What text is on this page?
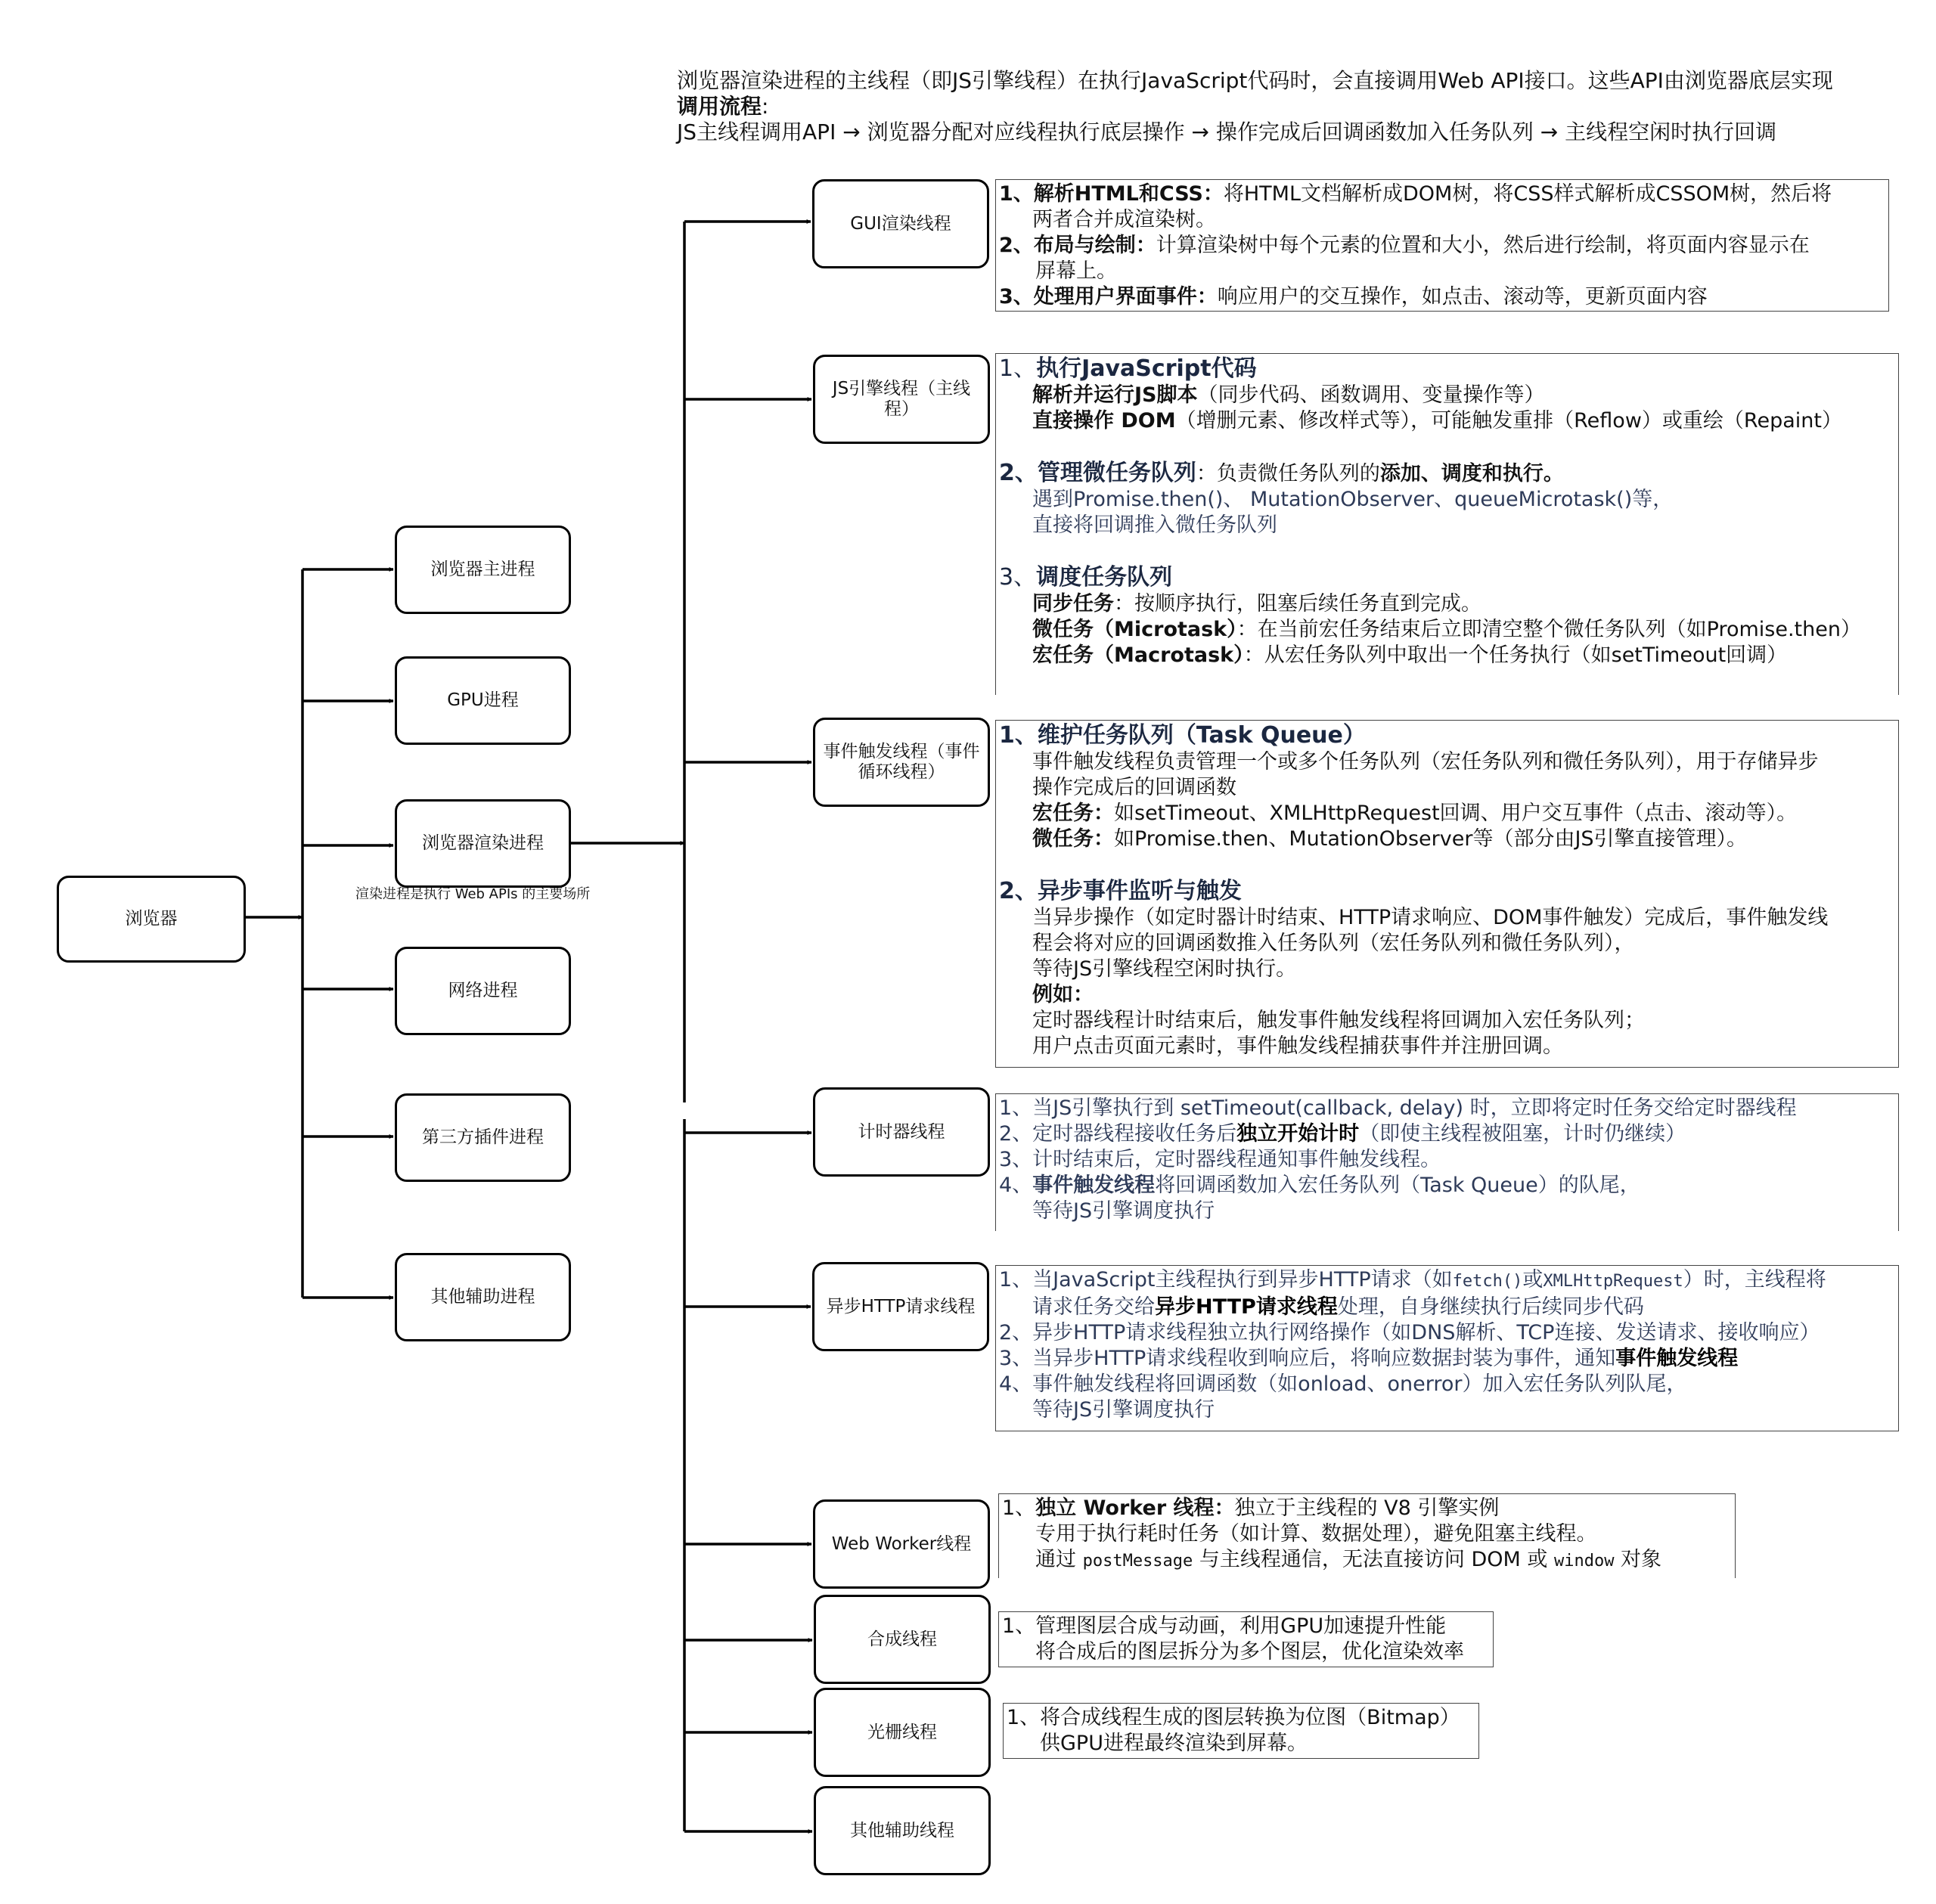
浏览器渲染进程的主线程（即JS引擎线程）在执行JavaScript代码时，会直接调用Web API接口。这些API由浏览器底层实现
调用流程:
JS主线程调用API → 浏览器分配对应线程执行底层操作 → 操作完成后回调函数加入任务队列 → 主线程空闲时执行回调
浏览器
浏览器主进程
GPU进程
浏览器渲染进程
渲染进程是执行 Web APIs 的主要场所
网络进程
第三方插件进程
其他辅助进程
GUI渲染线程
JS引擎线程（主线程）
事件触发线程（事件循环线程）
计时器线程
异步HTTP请求线程
Web Worker线程
合成线程
光栅线程
其他辅助线程
1、解析HTML和CSS：将HTML文档解析成DOM树，将CSS样式解析成CSSOM树，然后将
两者合并成渲染树。
2、布局与绘制：计算渲染树中每个元素的位置和大小，然后进行绘制，将页面内容显示在
屏幕上。
3、处理用户界面事件：响应用户的交互操作，如点击、滚动等，更新页面内容
1、执行JavaScript代码
解析并运行JS脚本（同步代码、函数调用、变量操作等）
直接操作 DOM（增删元素、修改样式等），可能触发重排（Reflow）或重绘（Repaint）
2、管理微任务队列：负责微任务队列的添加、调度和执行。
遇到Promise.then()、 MutationObserver、queueMicrotask()等，
直接将回调推入微任务队列
3、调度任务队列
同步任务：按顺序执行，阻塞后续任务直到完成。
微任务（Microtask）：在当前宏任务结束后立即清空整个微任务队列（如Promise.then）
宏任务（Macrotask）：从宏任务队列中取出一个任务执行（如setTimeout回调）
1、维护任务队列（Task Queue）
事件触发线程负责管理一个或多个任务队列（宏任务队列和微任务队列），用于存储异步
操作完成后的回调函数
宏任务：如setTimeout、XMLHttpRequest回调、用户交互事件（点击、滚动等）。
微任务：如Promise.then、MutationObserver等（部分由JS引擎直接管理）。
2、异步事件监听与触发
当异步操作（如定时器计时结束、HTTP请求响应、DOM事件触发）完成后，事件触发线
程会将对应的回调函数推入任务队列（宏任务队列和微任务队列），
等待JS引擎线程空闲时执行。
例如：
定时器线程计时结束后，触发事件触发线程将回调加入宏任务队列；
用户点击页面元素时，事件触发线程捕获事件并注册回调。
1、当JS引擎执行到 setTimeout(callback, delay) 时，立即将定时任务交给定时器线程
2、定时器线程接收任务后独立开始计时（即使主线程被阻塞，计时仍继续）
3、计时结束后，定时器线程通知事件触发线程。
4、事件触发线程将回调函数加入宏任务队列（Task Queue）的队尾，
等待JS引擎调度执行
1、当JavaScript主线程执行到异步HTTP请求（如fetch()或XMLHttpRequest）时，主线程将
请求任务交给异步HTTP请求线程处理，自身继续执行后续同步代码
2、异步HTTP请求线程独立执行网络操作（如DNS解析、TCP连接、发送请求、接收响应）
3、当异步HTTP请求线程收到响应后，将响应数据封装为事件，通知事件触发线程
4、事件触发线程将回调函数（如onload、onerror）加入宏任务队列队尾，
等待JS引擎调度执行
1、独立 Worker 线程：独立于主线程的 V8 引擎实例
专用于执行耗时任务（如计算、数据处理），避免阻塞主线程。
通过 postMessage 与主线程通信，无法直接访问 DOM 或 window 对象
1、管理图层合成与动画，利用GPU加速提升性能
将合成后的图层拆分为多个图层，优化渲染效率
1、将合成线程生成的图层转换为位图（Bitmap）
供GPU进程最终渲染到屏幕。
